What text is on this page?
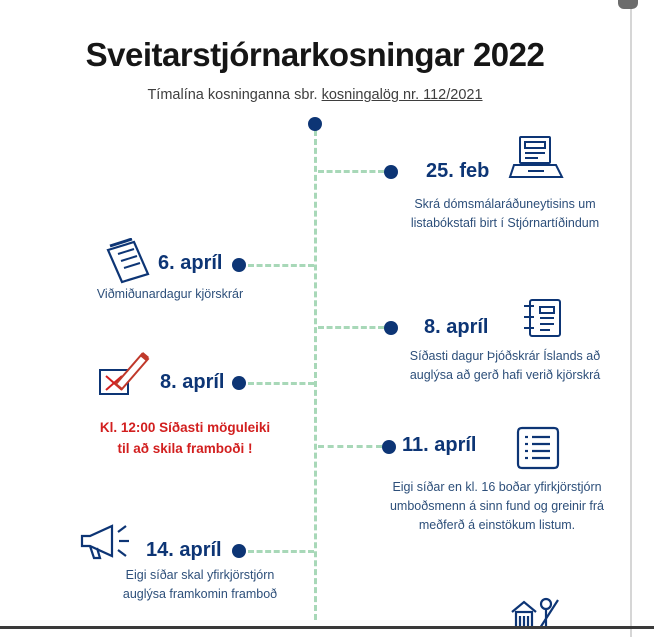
Sveitarstjórnarkosningar 2022
Tímalína kosninganna sbr. kosningalög nr. 112/2021
25. feb
Skrá dómsmálaráðuneytisins um
listabókstafi birt í Stjórnartíðindum
6. apríl
Viðmiðunardagur kjörskrár
8. apríl
Síðasti dagur Þjóðskrár Íslands að
auglýsa að gerð hafi verið kjörskrá
8. apríl
Kl. 12:00 Síðasti möguleiki
til að skila framboði !	11. apríl
Eigi síðar en kl. 16 boðar yfirkjörstjórn
umboðsmenn á sinn fund og greinir frá
meðferð á einstökum listum.
14. apríl
Eigi síðar skal yfirkjörstjórn
auglýsa framkomin framboð
